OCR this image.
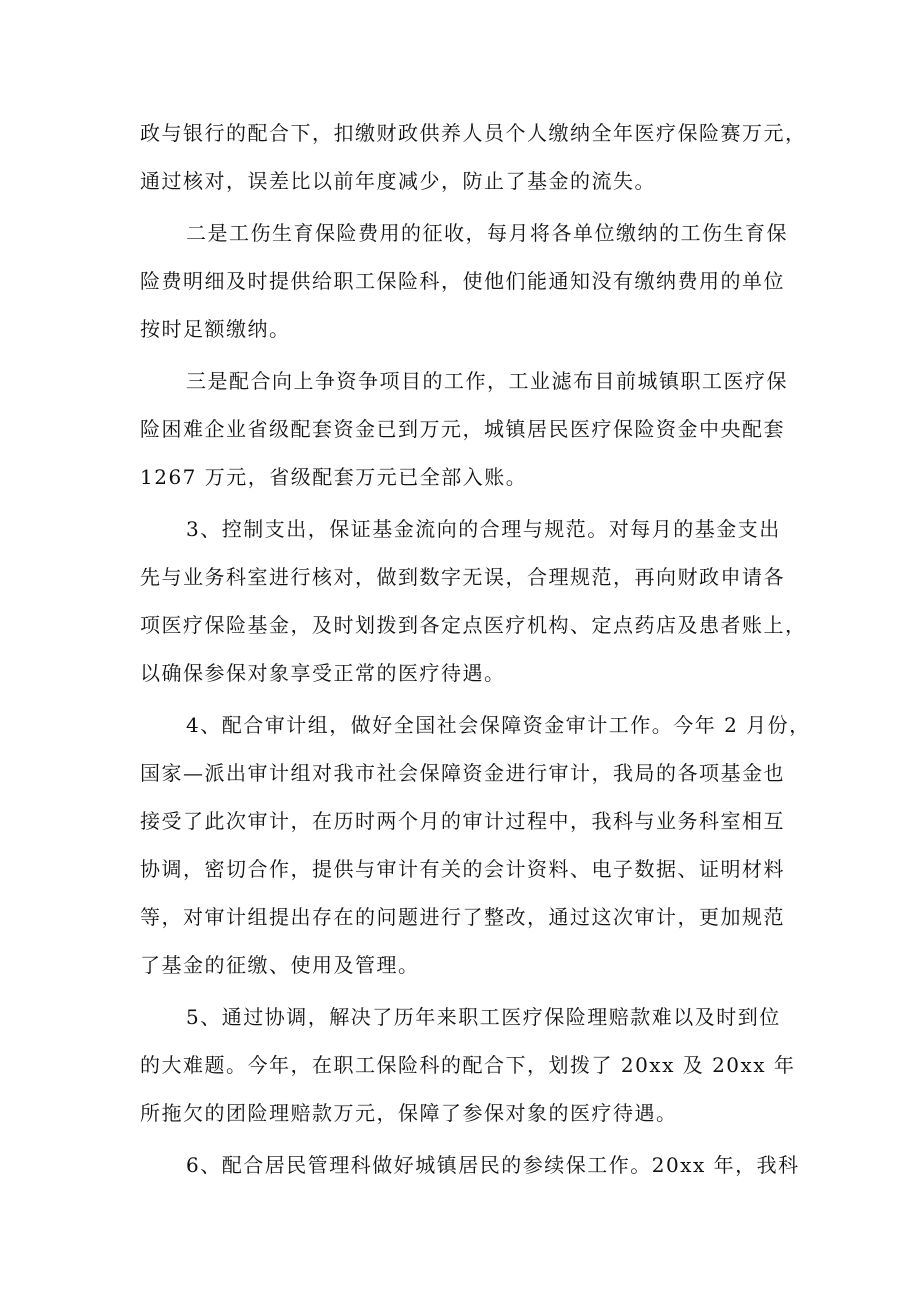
政与银行的配合下，扣缴财政供养人员个人缴纳全年医疗保险赛万元，
通过核对，误差比以前年度减少，防止了基金的流失。
二是工伤生育保险费用的征收，每月将各单位缴纳的工伤生育保
险费明细及时提供给职工保险科，使他们能通知没有缴纳费用的单位
按时足额缴纳。
三是配合向上争资争项目的工作，工业滤布目前城镇职工医疗保
险困难企业省级配套资金已到万元，城镇居民医疗保险资金中央配套
1267 万元，省级配套万元已全部入账。
3、控制支出，保证基金流向的合理与规范。对每月的基金支出
先与业务科室进行核对，做到数字无误，合理规范，再向财政申请各
项医疗保险基金，及时划拨到各定点医疗机构、定点药店及患者账上，
以确保参保对象享受正常的医疗待遇。
4、配合审计组，做好全国社会保障资金审计工作。今年 2 月份，
国家—派出审计组对我市社会保障资金进行审计，我局的各项基金也
接受了此次审计，在历时两个月的审计过程中，我科与业务科室相互
协调，密切合作，提供与审计有关的会计资料、电子数据、证明材料
等，对审计组提出存在的问题进行了整改，通过这次审计，更加规范
了基金的征缴、使用及管理。
5、通过协调，解决了历年来职工医疗保险理赔款难以及时到位
的大难题。今年，在职工保险科的配合下，划拨了 20xx 及 20xx 年
所拖欠的团险理赔款万元，保障了参保对象的医疗待遇。
6、配合居民管理科做好城镇居民的参续保工作。20xx 年，我科
